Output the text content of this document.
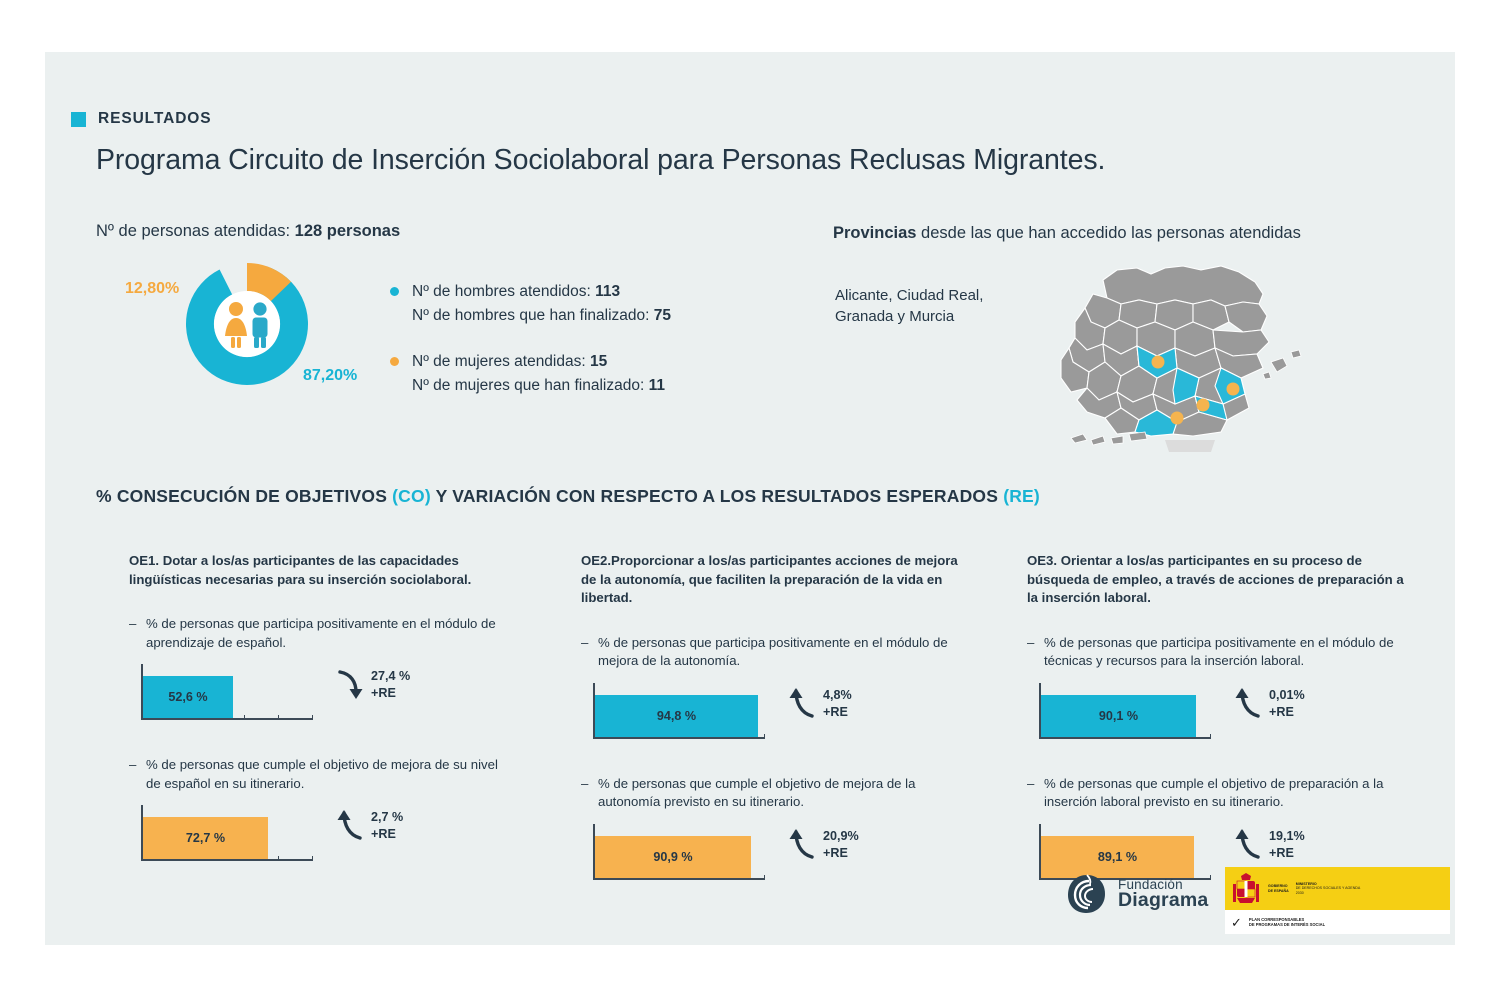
RESULTADOS
Programa Circuito de Inserción Sociolaboral para Personas Reclusas Migrantes.
Nº de personas atendidas: 128 personas
12,80%
87,20%
Nº de hombres atendidos: 113
Nº de hombres que han finalizado: 75
Nº de mujeres atendidas: 15
Nº de mujeres que han finalizado: 11
Provincias desde las que han accedido las personas atendidas
Alicante, Ciudad Real,
Granada y Murcia
% CONSECUCIÓN DE OBJETIVOS (CO) Y VARIACIÓN CON RESPECTO A LOS RESULTADOS ESPERADOS (RE)
OE1. Dotar a los/as participantes de las capacidades lingüísticas necesarias para su inserción sociolaboral.
– % de personas que participa positivamente en el módulo de aprendizaje de español.
52,6 %
27,4 %
+RE
– % de personas que cumple el objetivo de mejora de su nivel de español en su itinerario.
72,7 %
2,7 %
+RE
OE2.Proporcionar a los/as participantes acciones de mejora de la autonomía, que faciliten la preparación de la vida en libertad.
– % de personas que participa positivamente en el módulo de mejora de la autonomía.
94,8 %
4,8%
+RE
– % de personas que cumple el objetivo de mejora de la autonomía previsto en su itinerario.
90,9 %
20,9%
+RE
OE3. Orientar a los/as participantes en su proceso de búsqueda de empleo, a través de acciones de preparación a la inserción laboral.
– % de personas que participa positivamente en el módulo de técnicas y recursos para la inserción laboral.
90,1 %
0,01%
+RE
– % de personas que cumple el objetivo de preparación a la inserción laboral previsto en su itinerario.
89,1 %
19,1%
+RE
Fundación
Diagrama
GOBIERNO
DE ESPAÑA
MINISTERIO
DE DERECHOS SOCIALES Y AGENDA
2030
✓ PLAN CORRESPONSABLES
DE PROGRAMAS DE INTERÉS SOCIAL
